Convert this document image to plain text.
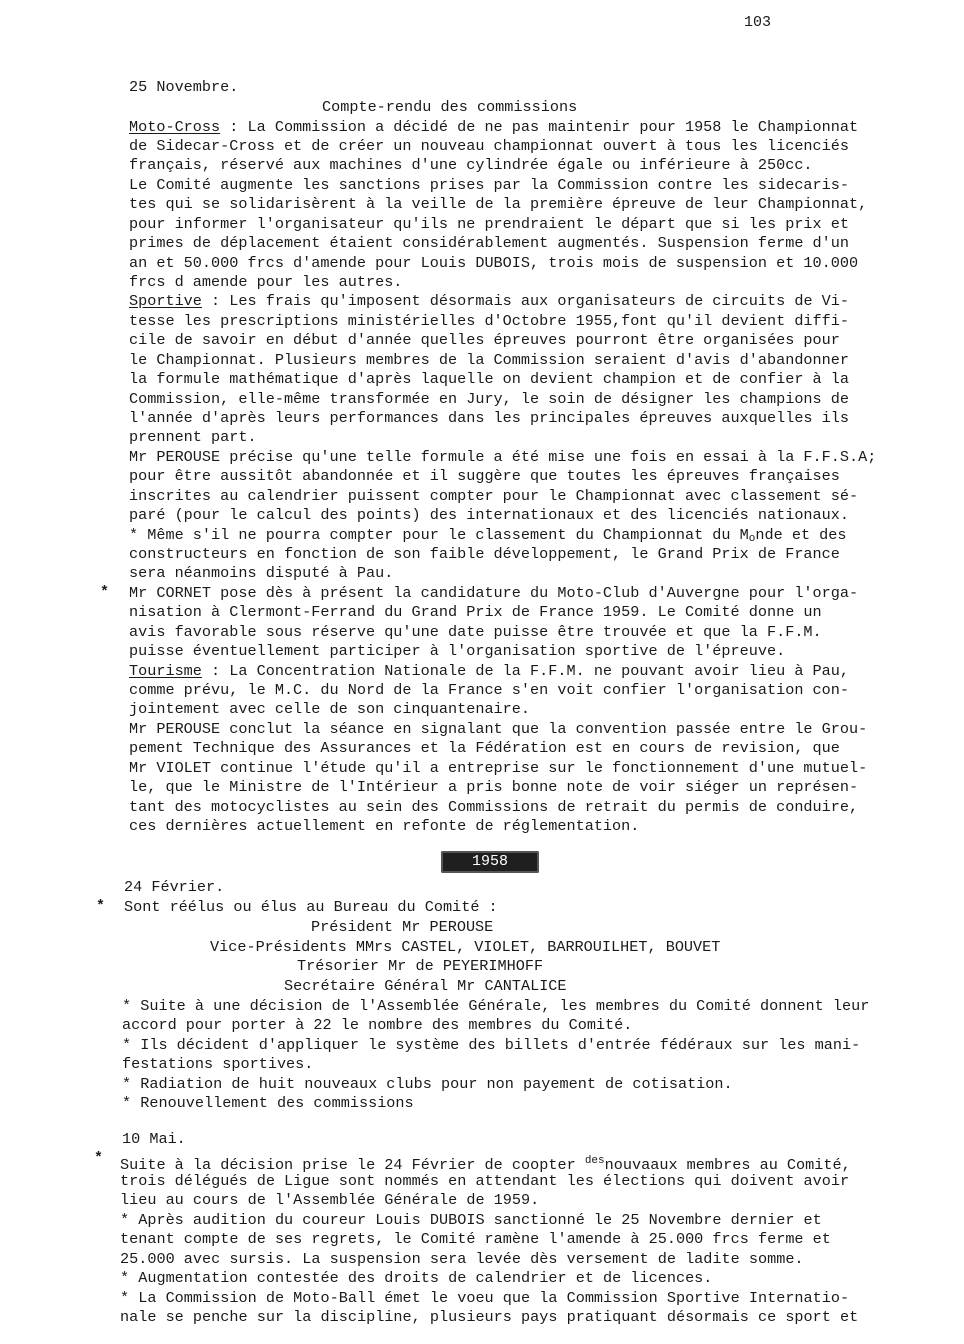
103
25 Novembre.
Compte-rendu des commissions
Moto-Cross : La Commission a décidé de ne pas maintenir pour 1958 le Championnat
de Sidecar-Cross et de créer un nouveau championnat ouvert à tous les licenciés
français, réservé aux machines d'une cylindrée égale ou inférieure à 250cc.
Le Comité augmente les sanctions prises par la Commission contre les sidecaris-
tes qui se solidarisèrent à la veille de la première épreuve de leur Championnat,
pour informer l'organisateur qu'ils ne prendraient le départ que si les prix et
primes de déplacement étaient considérablement augmentés. Suspension ferme d'un
an et 50.000 frcs d'amende pour Louis DUBOIS, trois mois de suspension et 10.000
frcs d amende pour les autres.
Sportive : Les frais qu'imposent désormais aux organisateurs de circuits de Vi-
tesse les prescriptions ministérielles d'Octobre 1955,font qu'il devient diffi-
cile de savoir en début d'année quelles épreuves pourront être organisées pour
le Championnat. Plusieurs membres de la Commission seraient d'avis d'abandonner
la formule mathématique d'après laquelle on devient champion et de confier à la
Commission, elle-même transformée en Jury, le soin de désigner les champions de
l'année d'après leurs performances dans les principales épreuves auxquelles ils
prennent part.
Mr PEROUSE précise qu'une telle formule a été mise une fois en essai à la F.F.S.A;
pour être aussitôt abandonnée et il suggère que toutes les épreuves françaises
inscrites au calendrier puissent compter pour le Championnat avec classement sé-
paré (pour le calcul des points) des internationaux et des licenciés nationaux.
* Même s'il ne pourra compter pour le classement du Championnat du Monde et des
constructeurs en fonction de son faible développement, le Grand Prix de France
sera néanmoins disputé à Pau.
* Mr CORNET pose dès à présent la candidature du Moto-Club d'Auvergne pour l'orga-
nisation à Clermont-Ferrand du Grand Prix de France 1959. Le Comité donne un
avis favorable sous réserve qu'une date puisse être trouvée et que la F.F.M.
puisse éventuellement participer à l'organisation sportive de l'épreuve.
Tourisme : La Concentration Nationale de la F.F.M. ne pouvant avoir lieu à Pau,
comme prévu, le M.C. du Nord de la France s'en voit confier l'organisation con-
jointement avec celle de son cinquantenaire.
Mr PEROUSE conclut la séance en signalant que la convention passée entre le Grou-
pement Technique des Assurances et la Fédération est en cours de revision, que
Mr VIOLET continue l'étude qu'il a entreprise sur le fonctionnement d'une mutuel-
le, que le Ministre de l'Intérieur a pris bonne note de voir siéger un représen-
tant des motocyclistes au sein des Commissions de retrait du permis de conduire,
ces dernières actuellement en refonte de réglementation.
1958
24 Février.
* Sont réélus ou élus au Bureau du Comité :
Président Mr PEROUSE
Vice-Présidents MMrs CASTEL, VIOLET, BARROUILHET, BOUVET
Trésorier Mr de PEYERIMHOFF
Secrétaire Général Mr CANTALICE
* Suite à une décision de l'Assemblée Générale, les membres du Comité donnent leur
accord pour porter à 22 le nombre des membres du Comité.
* Ils décident d'appliquer le système des billets d'entrée fédéraux sur les mani-
festations sportives.
* Radiation de huit nouveaux clubs pour non payement de cotisation.
* Renouvellement des commissions
10 Mai.
* Suite à la décision prise le 24 Février de coopter $^{des}$nouvaaux membres au Comité,
trois délégués de Ligue sont nommés en attendant les élections qui doivent avoir
lieu au cours de l'Assemblée Générale de 1959.
* Après audition du coureur Louis DUBOIS sanctionné le 25 Novembre dernier et
tenant compte de ses regrets, le Comité ramène l'amende à 25.000 frcs ferme et
25.000 avec sursis. La suspension sera levée dès versement de ladite somme.
* Augmentation contestée des droits de calendrier et de licences.
* La Commission de Moto-Ball émet le voeu que la Commission Sportive Internatio-
nale se penche sur la discipline, plusieurs pays pratiquant désormais ce sport et
